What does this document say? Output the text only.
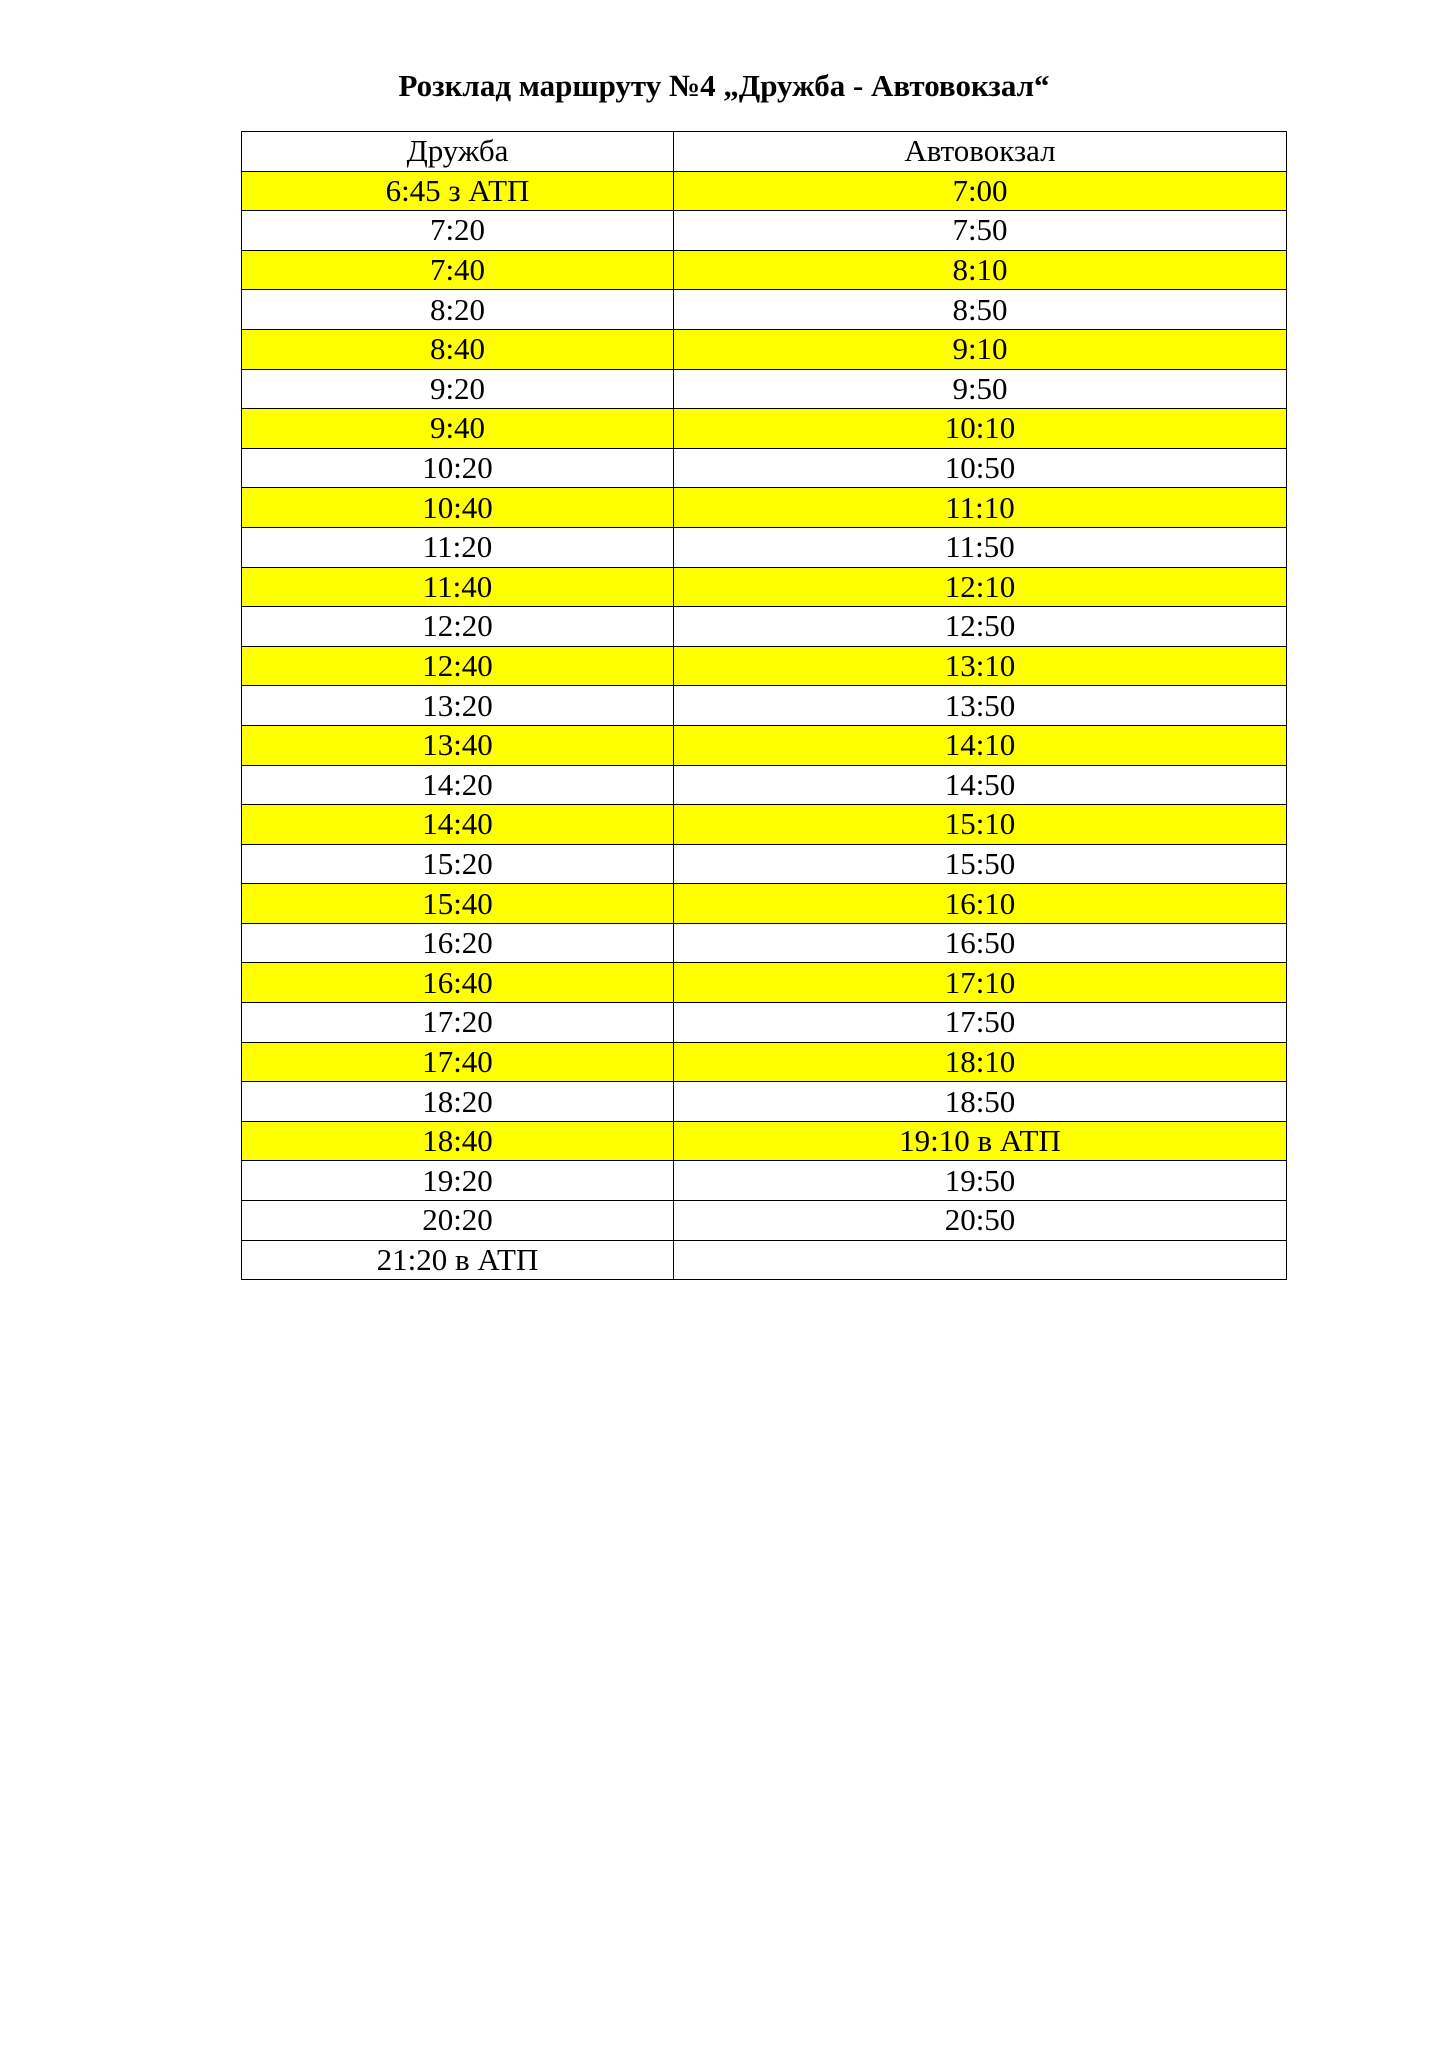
Розклад маршруту №4 „Дружба - Автовокзал“
Дружба	Автовокзал
6:45 з АТП	7:00
7:20	7:50
7:40	8:10
8:20	8:50
8:40	9:10
9:20	9:50
9:40	10:10
10:20	10:50
10:40	11:10
11:20	11:50
11:40	12:10
12:20	12:50
12:40	13:10
13:20	13:50
13:40	14:10
14:20	14:50
14:40	15:10
15:20	15:50
15:40	16:10
16:20	16:50
16:40	17:10
17:20	17:50
17:40	18:10
18:20	18:50
18:40	19:10 в АТП
19:20	19:50
20:20	20:50
21:20 в АТП	
